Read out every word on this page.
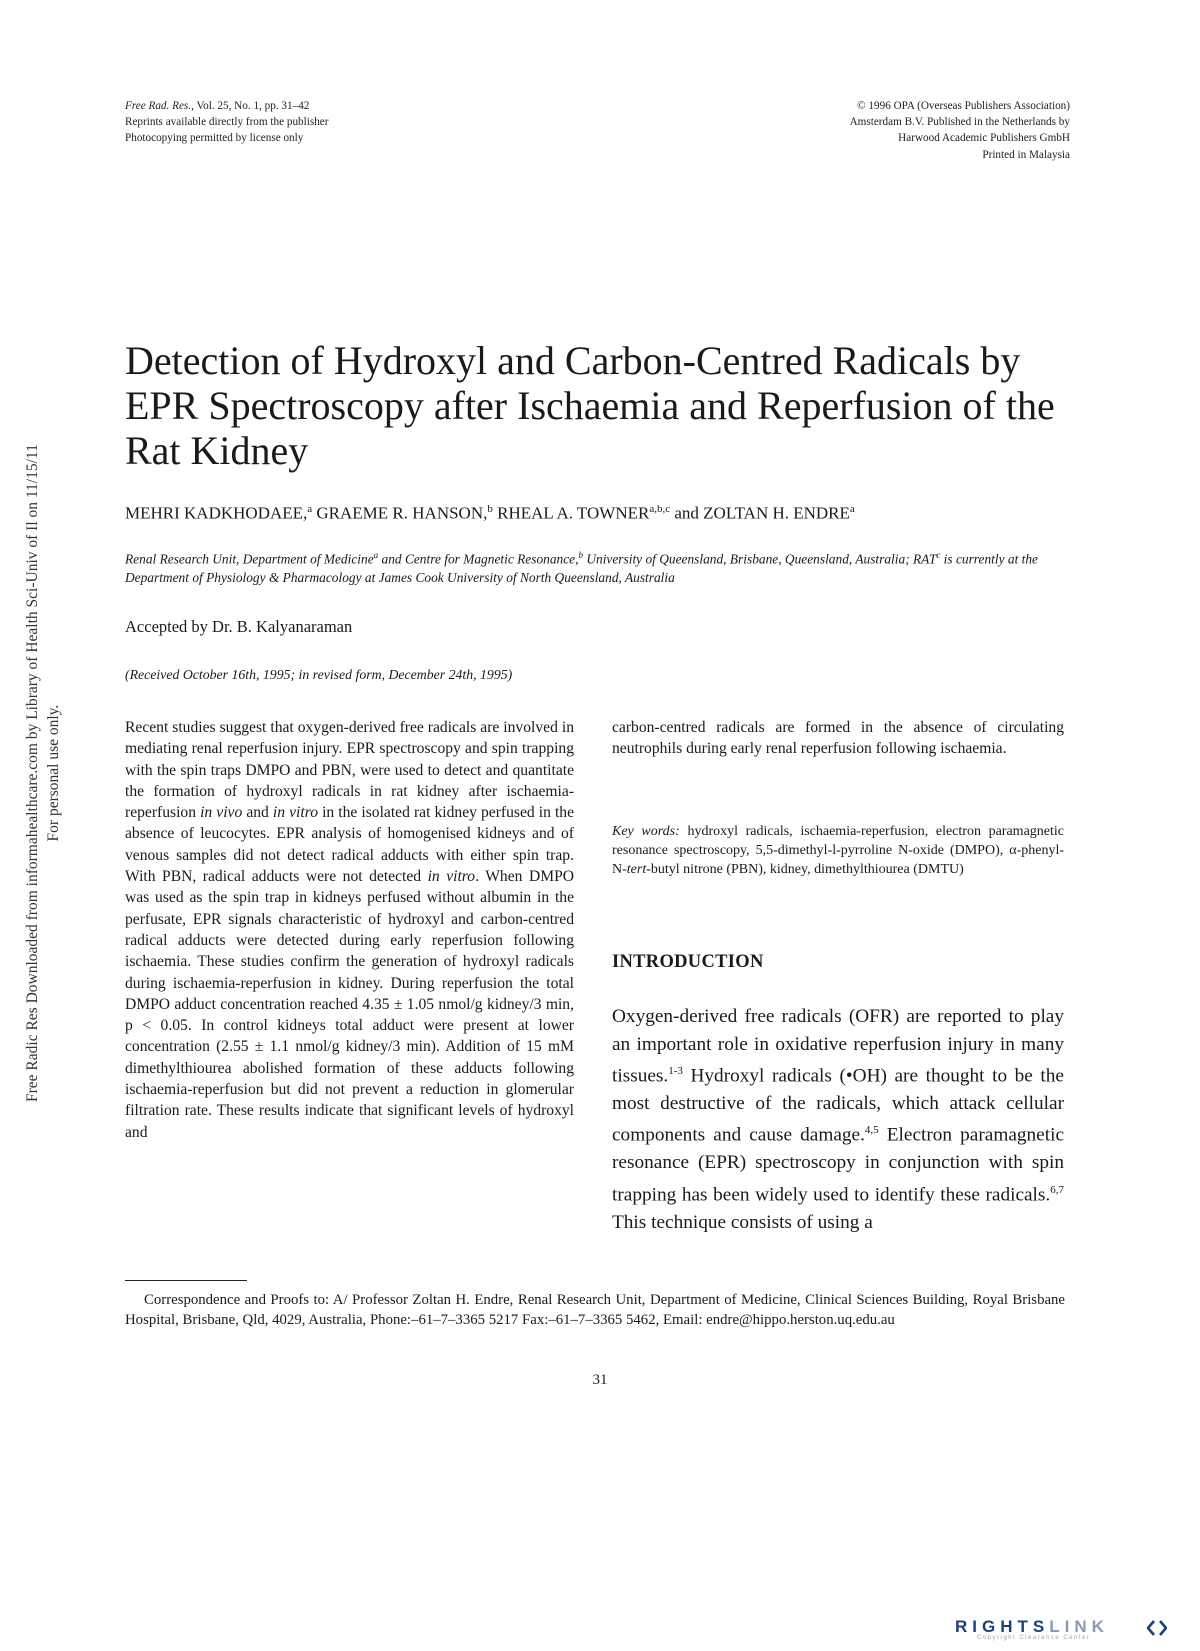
Free Radic Res Downloaded from informahealthcare.com by Library of Health Sci-Univ of Il on 11/15/11 For personal use only.
Free Rad. Res., Vol. 25, No. 1, pp. 31–42
Reprints available directly from the publisher
Photocopying permitted by license only
© 1996 OPA (Overseas Publishers Association)
Amsterdam B.V. Published in the Netherlands by
Harwood Academic Publishers GmbH
Printed in Malaysia
Detection of Hydroxyl and Carbon-Centred Radicals by EPR Spectroscopy after Ischaemia and Reperfusion of the Rat Kidney
MEHRI KADKHODAEE,$^a$ GRAEME R. HANSON,$^b$ RHEAL A. TOWNER$^{a,b,c}$ and ZOLTAN H. ENDRE$^a$
Renal Research Unit, Department of Medicine$^a$ and Centre for Magnetic Resonance,$^b$ University of Queensland, Brisbane, Queensland, Australia; RAT$^c$ is currently at the Department of Physiology & Pharmacology at James Cook University of North Queensland, Australia
Accepted by Dr. B. Kalyanaraman
(Received October 16th, 1995; in revised form, December 24th, 1995)
Recent studies suggest that oxygen-derived free radicals are involved in mediating renal reperfusion injury. EPR spectroscopy and spin trapping with the spin traps DMPO and PBN, were used to detect and quantitate the formation of hydroxyl radicals in rat kidney after ischaemia-reperfusion in vivo and in vitro in the isolated rat kidney perfused in the absence of leucocytes. EPR analysis of homogenised kidneys and of venous samples did not detect radical adducts with either spin trap. With PBN, radical adducts were not detected in vitro. When DMPO was used as the spin trap in kidneys perfused without albumin in the perfusate, EPR signals characteristic of hydroxyl and carbon-centred radical adducts were detected during early reperfusion following ischaemia. These studies confirm the generation of hydroxyl radicals during ischaemia-reperfusion in kidney. During reperfusion the total DMPO adduct concentration reached 4.35 ± 1.05 nmol/g kidney/3 min, p < 0.05. In control kidneys total adduct were present at lower concentration (2.55 ± 1.1 nmol/g kidney/3 min). Addition of 15 mM dimethylthiourea abolished formation of these adducts following ischaemia-reperfusion but did not prevent a reduction in glomerular filtration rate. These results indicate that significant levels of hydroxyl and
carbon-centred radicals are formed in the absence of circulating neutrophils during early renal reperfusion following ischaemia.
Key words: hydroxyl radicals, ischaemia-reperfusion, electron paramagnetic resonance spectroscopy, 5,5-dimethyl-l-pyrroline N-oxide (DMPO), α-phenyl-N-tert-butyl nitrone (PBN), kidney, dimethylthiourea (DMTU)
INTRODUCTION
Oxygen-derived free radicals (OFR) are reported to play an important role in oxidative reperfusion injury in many tissues.$^{1-3}$ Hydroxyl radicals (•OH) are thought to be the most destructive of the radicals, which attack cellular components and cause damage.$^{4,5}$ Electron paramagnetic resonance (EPR) spectroscopy in conjunction with spin trapping has been widely used to identify these radicals.$^{6,7}$ This technique consists of using a
Correspondence and Proofs to: A/ Professor Zoltan H. Endre, Renal Research Unit, Department of Medicine, Clinical Sciences Building, Royal Brisbane Hospital, Brisbane, Qld, 4029, Australia, Phone:–61–7–3365 5217 Fax:–61–7–3365 5462, Email: endre@hippo.herston.uq.edu.au
31
RIGHTSLINK
Copyright Clearance Center
